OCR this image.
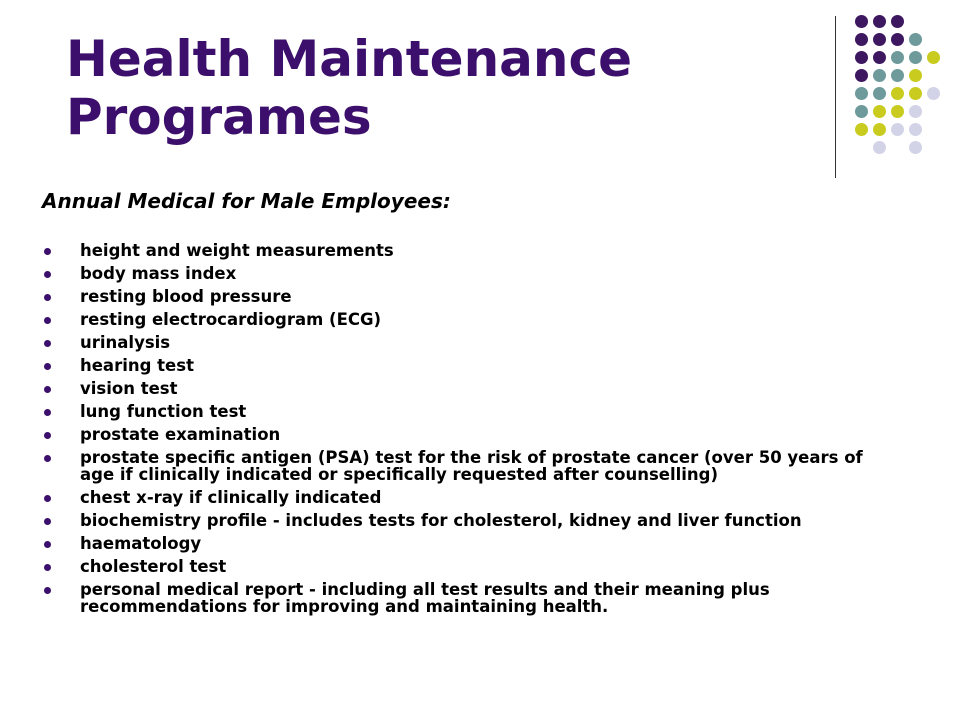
Health Maintenance
Programes

Annual Medical for Male Employees:

height and weight measurements
body mass index
resting blood pressure
resting electrocardiogram (ECG)
urinalysis
hearing test
vision test
lung function test
prostate examination
prostate specific antigen (PSA) test for the risk of prostate cancer (over 50 years of age if clinically indicated or specifically requested after counselling)
chest x-ray if clinically indicated
biochemistry profile - includes tests for cholesterol, kidney and liver function
haematology
cholesterol test
personal medical report - including all test results and their meaning plus recommendations for improving and maintaining health.
